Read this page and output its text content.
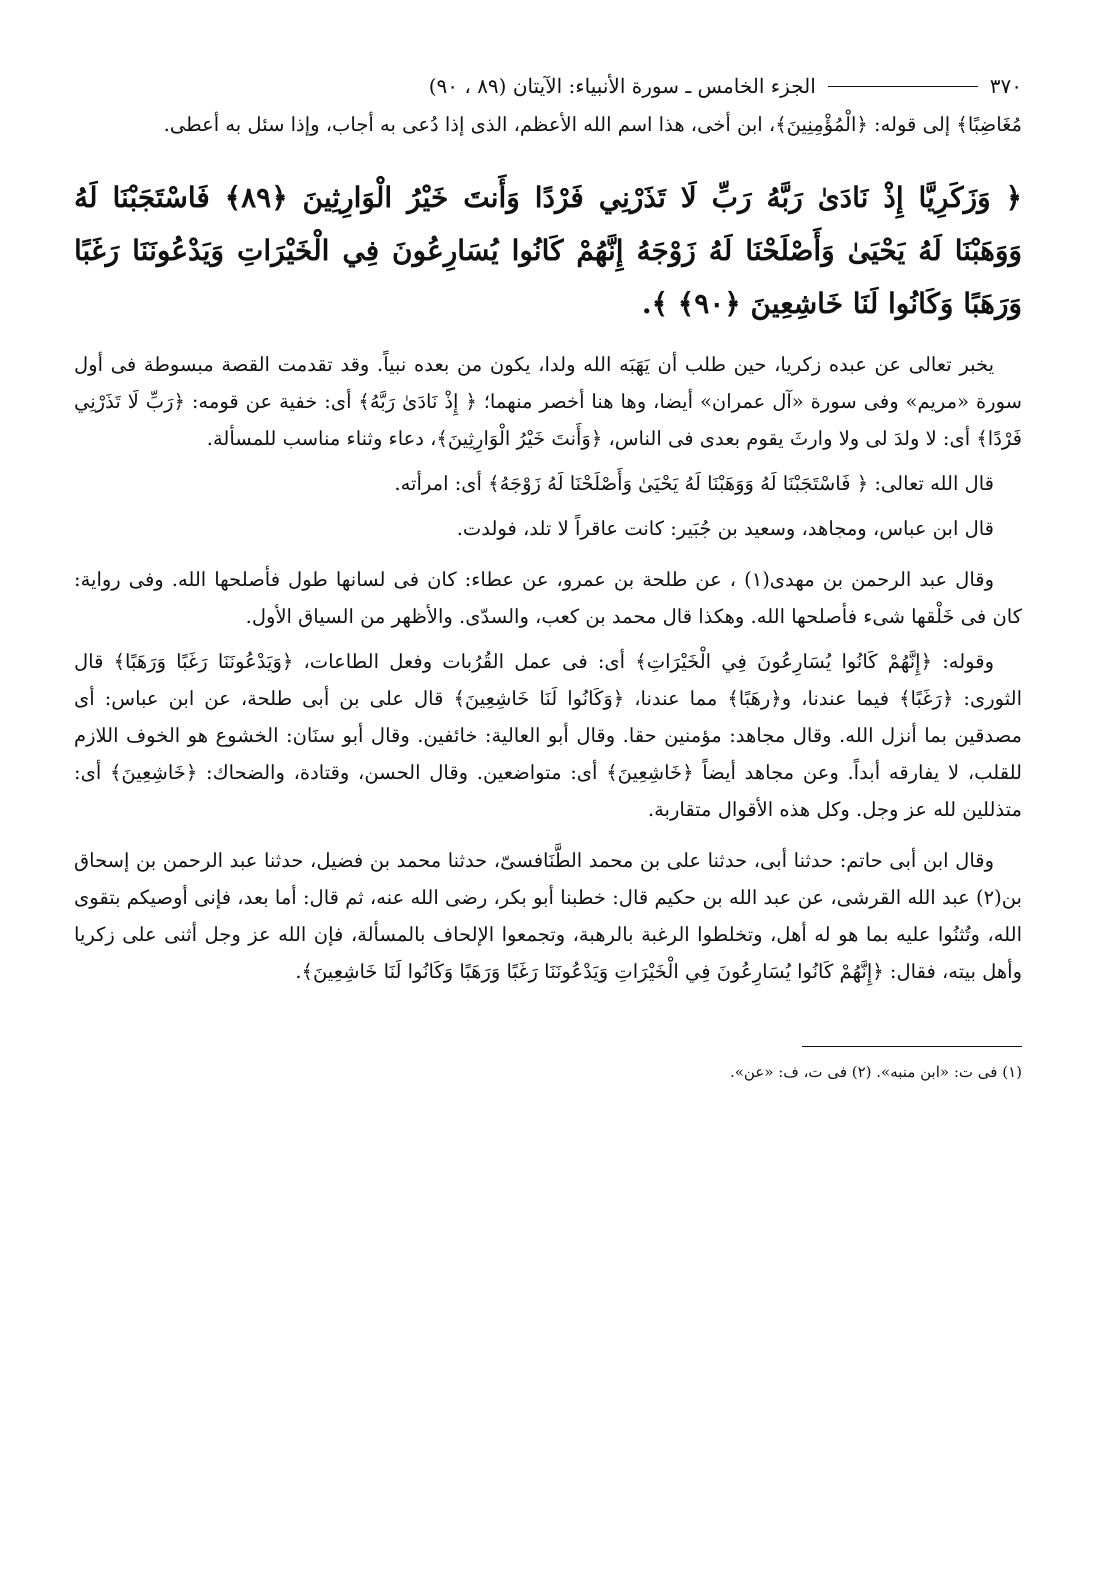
٣٧٠
الجزء الخامس ـ سورة الأنبياء: الآيتان (٨٩ ، ٩٠)

مُغَاضِبًا﴾ إلى قوله: ﴿الْمُؤْمِنِينَ﴾، ابن أخى، هذا اسم الله الأعظم، الذى إذا دُعى به أجاب، وإذا سئل به أعطى.

﴿ وَزَكَرِيَّا إِذْ نَادَىٰ رَبَّهُ رَبِّ لَا تَذَرْنِي فَرْدًا وَأَنتَ خَيْرُ الْوَارِثِينَ ﴿٨٩﴾ فَاسْتَجَبْنَا لَهُ وَوَهَبْنَا لَهُ يَحْيَىٰ وَأَصْلَحْنَا لَهُ زَوْجَهُ إِنَّهُمْ كَانُوا يُسَارِعُونَ فِي الْخَيْرَاتِ وَيَدْعُونَنَا رَغَبًا وَرَهَبًا وَكَانُوا لَنَا خَاشِعِينَ ﴿٩٠﴾ ﴾.

يخبر تعالى عن عبده زكريا، حين طلب أن يَهَبَه الله ولدا، يكون من بعده نبياً. وقد تقدمت القصة مبسوطة فى أول سورة «مريم» وفى سورة «آل عمران» أيضا، وها هنا أخصر منهما؛ ﴿ إِذْ نَادَىٰ رَبَّهُ﴾ أى: خفية عن قومه: ﴿رَبِّ لَا تَذَرْنِي فَرْدًا﴾ أى: لا ولدَ لى ولا وارثَ يقوم بعدى فى الناس، ﴿وَأَنتَ خَيْرُ الْوَارِثِينَ﴾، دعاء وثناء مناسب للمسألة.

قال الله تعالى: ﴿ فَاسْتَجَبْنَا لَهُ وَوَهَبْنَا لَهُ يَحْيَىٰ وَأَصْلَحْنَا لَهُ زَوْجَهُ﴾ أى: امرأته.

قال ابن عباس، ومجاهد، وسعيد بن جُبَير: كانت عاقراً لا تلد، فولدت.

وقال عبد الرحمن بن مهدى(١) ، عن طلحة بن عمرو، عن عطاء: كان فى لسانها طول فأصلحها الله. وفى رواية: كان فى خَلْقها شىء فأصلحها الله. وهكذا قال محمد بن كعب، والسدّى. والأظهر من السياق الأول.

وقوله: ﴿إِنَّهُمْ كَانُوا يُسَارِعُونَ فِي الْخَيْرَاتِ﴾ أى: فى عمل القُرُبات وفعل الطاعات، ﴿وَيَدْعُونَنَا رَغَبًا وَرَهَبًا﴾ قال الثورى: ﴿رَغَبًا﴾ فيما عندنا، و﴿رهَبًا﴾ مما عندنا، ﴿وَكَانُوا لَنَا خَاشِعِينَ﴾ قال على بن أبى طلحة، عن ابن عباس: أى مصدقين بما أنزل الله. وقال مجاهد: مؤمنين حقا. وقال أبو العالية: خائفين. وقال أبو سنَان: الخشوع هو الخوف اللازم للقلب، لا يفارقه أبداً. وعن مجاهد أيضاً ﴿خَاشِعِينَ﴾ أى: متواضعين. وقال الحسن، وقتادة، والضحاك: ﴿خَاشِعِينَ﴾ أى: متذللين لله عز وجل. وكل هذه الأقوال متقاربة.

وقال ابن أبى حاتم: حدثنا أبى، حدثنا على بن محمد الطَّنَافسىّ، حدثنا محمد بن فضيل، حدثنا عبد الرحمن بن إسحاق بن(٢) عبد الله القرشى، عن عبد الله بن حكيم قال: خطبنا أبو بكر، رضى الله عنه، ثم قال: أما بعد، فإنى أوصيكم بتقوى الله، وتُثنُوا عليه بما هو له أهل، وتخلطوا الرغبة بالرهبة، وتجمعوا الإلحاف بالمسألة، فإن الله عز وجل أثنى على زكريا وأهل بيته، فقال: ﴿إِنَّهُمْ كَانُوا يُسَارِعُونَ فِي الْخَيْرَاتِ وَيَدْعُونَنَا رَغَبًا وَرَهَبًا وَكَانُوا لَنَا خَاشِعِينَ﴾.

(١) فى ت: «ابن منبه». (٢) فى ت، ف: «عن».
